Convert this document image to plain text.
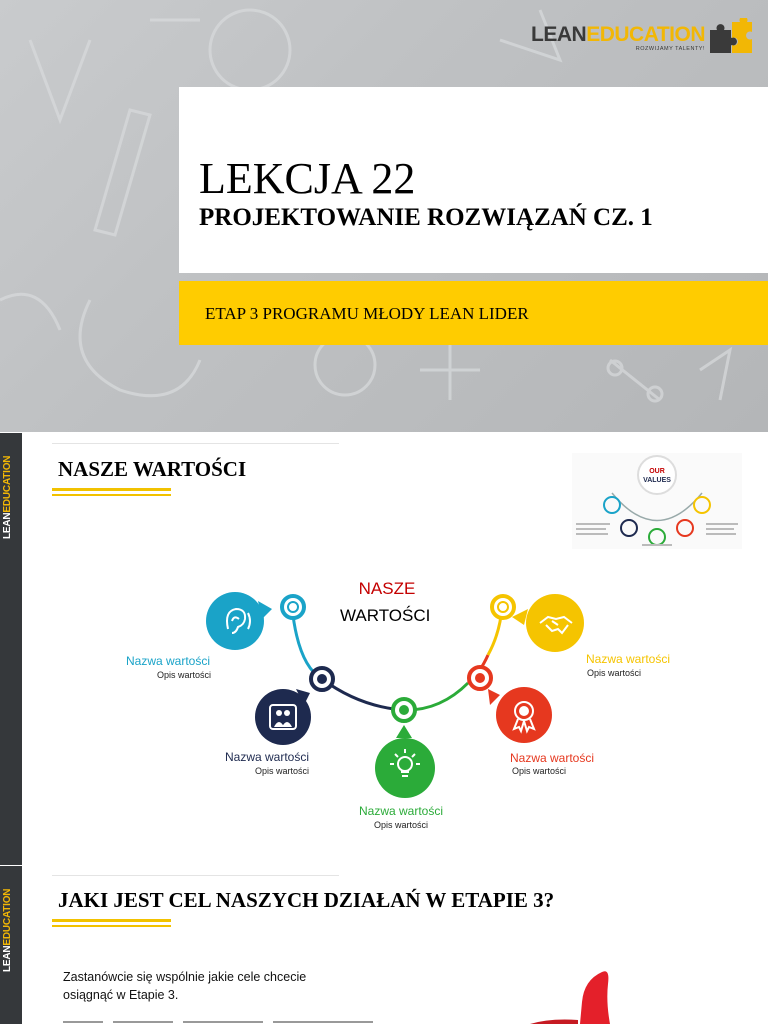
LEANEDUCATION
ROZWIJAMY TALENTY!
LEKCJA 22
PROJEKTOWANIE ROZWIĄZAŃ CZ. 1
ETAP 3 PROGRAMU MŁODY LEAN LIDER
LEANEDUCATION	NASZE WARTOŚCI	OUR
VALUES
NASZE
WARTOŚCI
Nazwa wartości
Opis wartości
Nazwa wartości
Opis wartości
Nazwa wartości
Opis wartości
Nazwa wartości
Opis wartości
Nazwa wartości
Opis wartości
LEANEDUCATION	JAKI JEST CEL NASZYCH DZIAŁAŃ W ETAPIE 3?
Zastanówcie się wspólnie jakie cele chcecie osiągnąć w Etapie 3.
